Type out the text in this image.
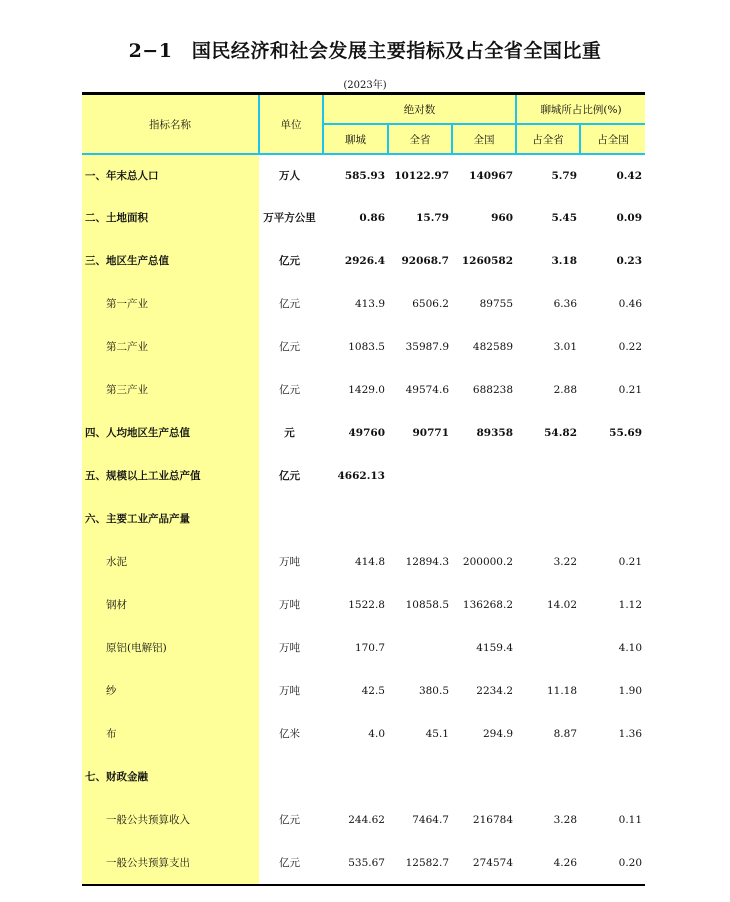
2−1　国民经济和社会发展主要指标及占全省全国比重
(2023年)
指标名称	单位	绝对数			聊城所占比例(%)	
		聊城	全省	全国	占全省	占全国
一、年末总人口	万人	585.93	10122.97	140967	5.79	0.42
二、土地面积	万平方公里	0.86	15.79	960	5.45	0.09
三、地区生产总值	亿元	2926.4	92068.7	1260582	3.18	0.23
第一产业	亿元	413.9	6506.2	89755	6.36	0.46
第二产业	亿元	1083.5	35987.9	482589	3.01	0.22
第三产业	亿元	1429.0	49574.6	688238	2.88	0.21
四、人均地区生产总值	元	49760	90771	89358	54.82	55.69
五、规模以上工业总产值	亿元	4662.13				
六、主要工业产品产量						
水泥	万吨	414.8	12894.3	200000.2	3.22	0.21
钢材	万吨	1522.8	10858.5	136268.2	14.02	1.12
原铝(电解铝)	万吨	170.7		4159.4		4.10
纱	万吨	42.5	380.5	2234.2	11.18	1.90
布	亿米	4.0	45.1	294.9	8.87	1.36
七、财政金融						
一般公共预算收入	亿元	244.62	7464.7	216784	3.28	0.11
一般公共预算支出	亿元	535.67	12582.7	274574	4.26	0.20
